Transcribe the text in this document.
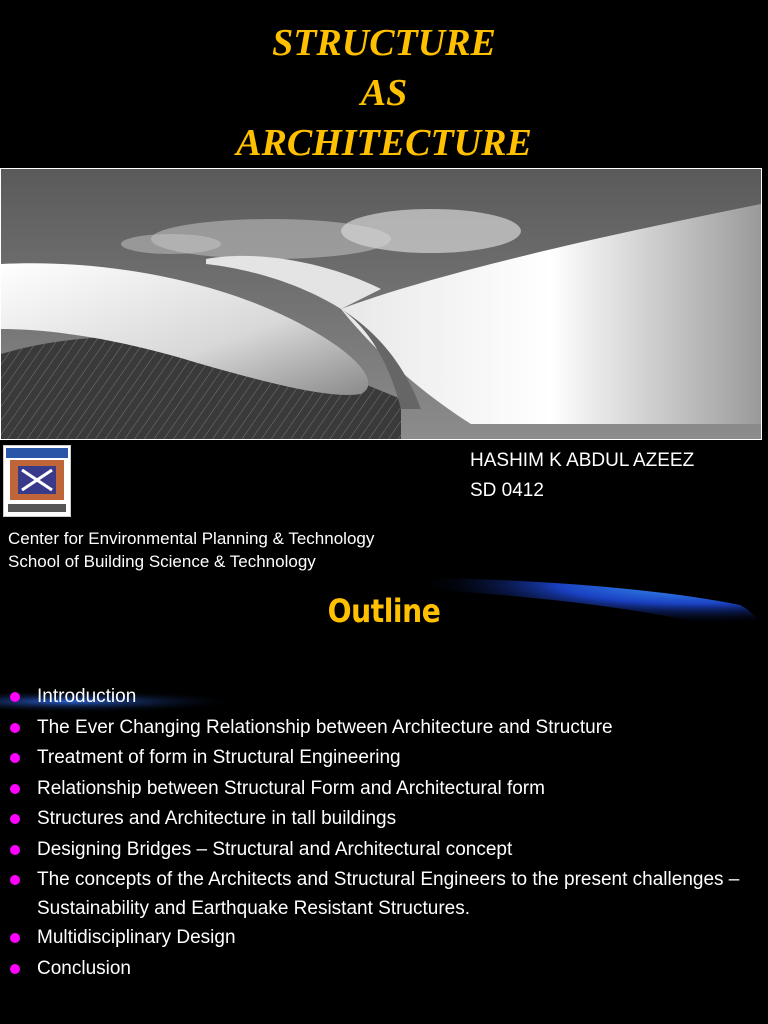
STRUCTURE
AS
ARCHITECTURE
HASHIM K ABDUL AZEEZ
SD 0412
Center for Environmental Planning & Technology
School of Building Science & Technology
Outline
Introduction
The Ever Changing Relationship between Architecture and Structure
Treatment of form in Structural Engineering
Relationship between Structural Form and Architectural form
Structures and Architecture in tall buildings
Designing Bridges – Structural and Architectural concept
The concepts of the Architects and Structural Engineers to the present challenges – Sustainability and Earthquake Resistant Structures.
Multidisciplinary Design
Conclusion
